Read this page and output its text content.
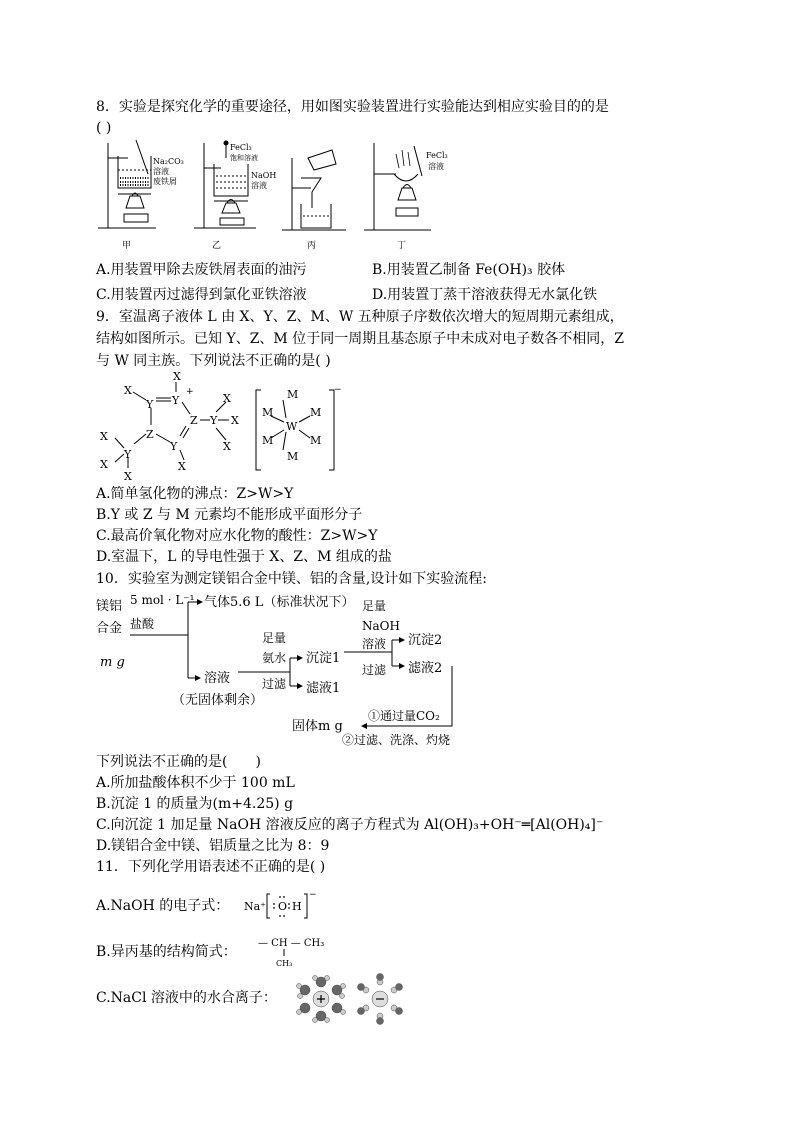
8．实验是探究化学的重要途径，用如图实验装置进行实验能达到相应实验目的的是
( )
Na₂CO₃
溶液
废铁屑
甲
FeCl₃
饱和溶液
NaOH
溶液
乙	丙
FeCl₃
溶液
丁
A.用装置甲除去废铁屑表面的油污	B.用装置乙制备 Fe(OH)₃ 胶体
C.用装置丙过滤得到氯化亚铁溶液	D.用装置丁蒸干溶液获得无水氯化铁
9．室温离子液体 L 由 X、Y、Z、M、W 五种原子序数依次增大的短周期元素组成，
结构如图所示。已知 Y、Z、M 位于同一周期且基态原子中未成对电子数各不相同，Z
与 W 同主族。下列说法不正确的是( )
X
X
Y Y
+
Z Y X
X
X
Z
Y
X
Y
X
X
X
M
M	M
W
M	M
M
−
A.简单氢化物的沸点：Z>W>Y
B.Y 或 Z 与 M 元素均不能形成平面形分子
C.最高价氧化物对应水化物的酸性：Z>W>Y
D.室温下，L 的导电性强于 X、Z、M 组成的盐
10．实验室为测定镁铝合金中镁、铝的含量,设计如下实验流程:
镁铝
合金
m g
5 mol · L⁻¹
盐酸
气体5.6 L（标准状况下）
溶液
（无固体剩余）
足量
氨水
过滤
沉淀1
滤液1
足量
NaOH
溶液
过滤
沉淀2
滤液2
①通过量CO₂
②过滤、洗涤、灼烧
固体m g
下列说法不正确的是(　　)
A.所加盐酸体积不少于 100 mL
B.沉淀 1 的质量为(m+4.25) g
C.向沉淀 1 加足量 NaOH 溶液反应的离子方程式为 Al(OH)₃+OH⁻═[Al(OH)₄]⁻
D.镁铝合金中镁、铝质量之比为 8：9
11．下列化学用语表述不正确的是( )
A.NaOH 的电子式： Na⁺ O H
−
B.异丙基的结构简式：
— CH — CH₃
CH₃
C.NaCl 溶液中的水合离子：
